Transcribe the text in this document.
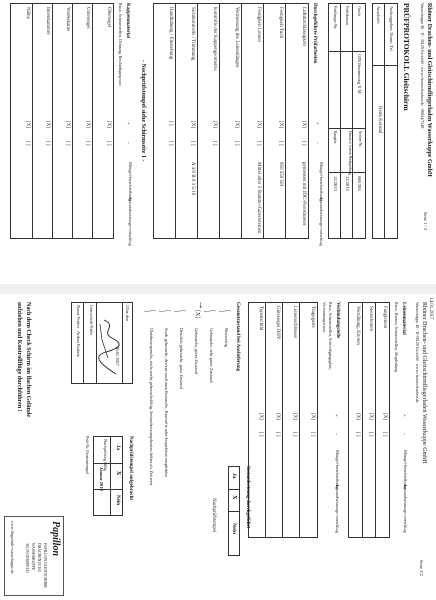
Rhöner Drachen- und Gleitschirmfliegerladen Wasserkuppe GmbH
Wasserkuppe 46 · D - 36129 Gersfeld · www.rhoenerdrachen.de · 06654/7548
Seite 1 / 2
14.01.2017
Rhöner Drachen- und Gleitschirmfliegerladen Wasserkuppe GmbH
Wasserkuppe 46 · D-36129 Gersfeld · www.rhoenerdrachen.de
Seite 2/2
PRÜFPROTOKOLL Gleitschirm
Auftraggeber: Name, Tel.
Anschrift:
Henk Konrad
Gerät
GIN Boomerang X M
Serien-Nr.
680 205
Prüfdatum
Datum d. letzten Nachprüfung
12/2015
Prüfungs-Nr.
Baujahr
12/2013
Durchgeführte Prüfarbeiten
+
-
Mängel-beschreibung
Instandsetzungs-vorschlag
Luftdurchlässigkeit
[X]
[ ]
gemessen mit JDC-Porosimeter
Festigkeit Tuch
[X]
[ ]
950 550 501
Festigkeit Leinen
[X]
[ ]
Mittel aller 3 Stamm-/Galerieleinen
Vermessung der Leinenlängen
[X]
[ ]
Kontrolle der Kappengeometrie
[X]
[ ]
Sichtkontrolle / Trimmung
[X]
[ ]
A 3/0 B 0 3 5/10
Handhabung / Einstellung
[ ]
[ ]
- Nachprüfstempel siehe Schirmseite 1 -
Kappenmaterial
Risse, Scheuerstellen, Dehnung, Beschädigung usw.
+
-
Mängel-beschreibung
Instandsetzungs-vorschlag
Obersegel
[X]
[ ]
Untersegel
[X]
[ ]
Vorderkante
[X]
[ ]
Innenkammer
[X]
[ ]
Nähte
[X]
[ ]
Leinenmaterial
Risse, Knoten, Scheuerstellen, Abspleißung
+
-
Mängel-beschreibung
Instandsetzungs-vorschlag
Fangleinen
[X]
[ ]
Steuerleinen
[X]
[ ]
Vernähung, Knoten
[X]
[ ]
Verbindungsteile
Risse, Scheuerstellen, Schweißgängigkeit,
Verformungen usw.
+
-
Mängel-beschreibung
Instandsetzungs-vorschlag
Tragegurte
[X]
[ ]
Leinenschlösser
[X]
[ ]
Gütesiegel DHV
[X]
[ ]
Typenschild
[X]
[ ]
Gesamtzustand bei Auslieferung
[ ]
Neuwertig
[ ]
Gebraucht, sehr guter Zustand
[X]
Gebraucht, guter Zustand
[ ]
Deutlich gebraucht, ganz Zustand
[ ]
Stark gebraucht, der/zur nach zum Kontrolle, Kontrolle oder Inspektion empfohlen
[ ]
Überbeansprucht, nicht mehr gebrauchsfähig, Instandsetzungskosten höher als Zeitwert
→
Instandsetzung durchgeführt
Ja
X
Nein
Nachprüfstempel
Ulbe den
Unterschrift Prüfer
Name Prüfer
Arthur Kubrin	10.01.2017
Nachprüfstempel aufgebracht
Ja
X
Nein
Nachprüfung fällig
Januar 2019
Prüf-Nr. Firmenstempel
Nach dem Check Schirm im flachen Gelände
aufziehen und Kontrollflüge durchführen !
Papillon
PAPILLON GLEITSCHIRM
DRACHEN FLUG
WASSERKUPPE
36129 GERSFELD
www.flugschule-wasserkuppe.de
